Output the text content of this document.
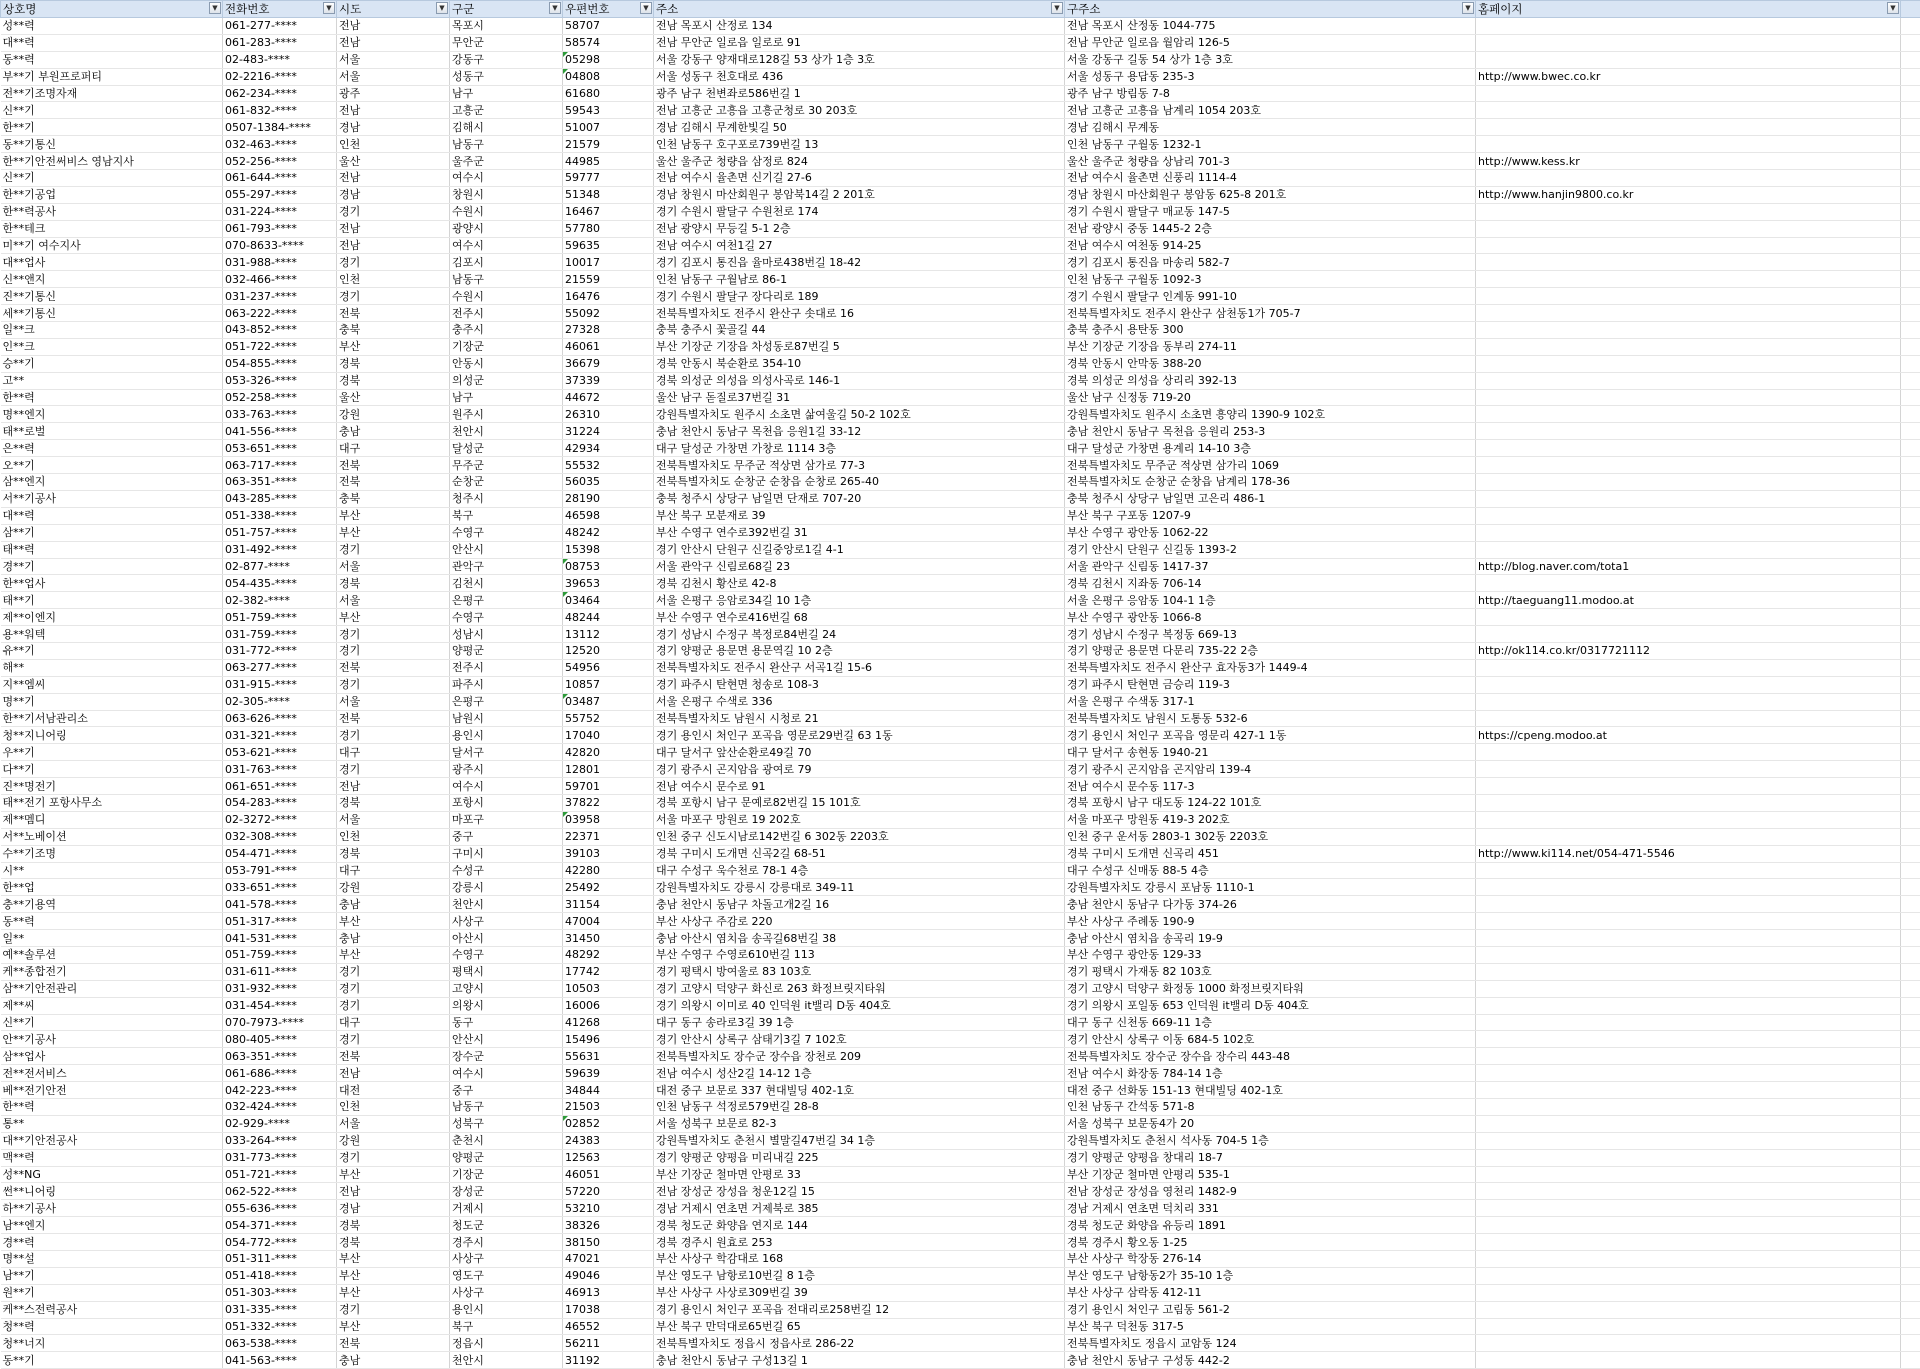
상호명 ▼	전화번호 ▼	시도 ▼	구군 ▼	우편번호 ▼	주소 ▼	구주소 ▼	홈페이지 ▼	

성**력	061-277-****	전남	목포시	58707	전남 목포시 산정로 134	전남 목포시 산정동 1044-775		
대**력	061-283-****	전남	무안군	58574	전남 무안군 일로읍 일로로 91	전남 무안군 일로읍 월암리 126-5		
동**력	02-483-****	서울	강동구	05298	서울 강동구 양재대로128길 53 상가 1층 3호	서울 강동구 길동 54 상가 1층 3호		
부**기 부원프로퍼티	02-2216-****	서울	성동구	04808	서울 성동구 천호대로 436	서울 성동구 용답동 235-3	http://www.bwec.co.kr	
전**기조명자재	062-234-****	광주	남구	61680	광주 남구 천변좌로586번길 1	광주 남구 방림동 7-8		
신**기	061-832-****	전남	고흥군	59543	전남 고흥군 고흥읍 고흥군청로 30 203호	전남 고흥군 고흥읍 남계리 1054 203호		
한**기	0507-1384-****	경남	김해시	51007	경남 김해시 무계한빛길 50	경남 김해시 무계동		
동**기통신	032-463-****	인천	남동구	21579	인천 남동구 호구포로739번길 13	인천 남동구 구월동 1232-1		
한**기안전써비스 영남지사	052-256-****	울산	울주군	44985	울산 울주군 청량읍 삼정로 824	울산 울주군 청량읍 상남리 701-3	http://www.kess.kr	
신**기	061-644-****	전남	여수시	59777	전남 여수시 율촌면 신기길 27-6	전남 여수시 율촌면 신풍리 1114-4		
한**기공업	055-297-****	경남	창원시	51348	경남 창원시 마산회원구 봉암북14길 2 201호	경남 창원시 마산회원구 봉암동 625-8 201호	http://www.hanjin9800.co.kr	
한**력공사	031-224-****	경기	수원시	16467	경기 수원시 팔달구 수원천로 174	경기 수원시 팔달구 매교동 147-5		
한**테크	061-793-****	전남	광양시	57780	전남 광양시 무등길 5-1 2층	전남 광양시 중동 1445-2 2층		
미**기 여수지사	070-8633-****	전남	여수시	59635	전남 여수시 여천1길 27	전남 여수시 여천동 914-25		
대**업사	031-988-****	경기	김포시	10017	경기 김포시 통진읍 율마로438번길 18-42	경기 김포시 통진읍 마송리 582-7		
신**앤지	032-466-****	인천	남동구	21559	인천 남동구 구월남로 86-1	인천 남동구 구월동 1092-3		
진**기통신	031-237-****	경기	수원시	16476	경기 수원시 팔달구 장다리로 189	경기 수원시 팔달구 인계동 991-10		
세**기통신	063-222-****	전북	전주시	55092	전북특별자치도 전주시 완산구 솟대로 16	전북특별자치도 전주시 완산구 삼천동1가 705-7		
일**크	043-852-****	충북	충주시	27328	충북 충주시 꽃골길 44	충북 충주시 용탄동 300		
인**크	051-722-****	부산	기장군	46061	부산 기장군 기장읍 차성동로87번길 5	부산 기장군 기장읍 동부리 274-11		
승**기	054-855-****	경북	안동시	36679	경북 안동시 북순환로 354-10	경북 안동시 안막동 388-20		
고**	053-326-****	경북	의성군	37339	경북 의성군 의성읍 의성사곡로 146-1	경북 의성군 의성읍 상리리 392-13		
한**력	052-258-****	울산	남구	44672	울산 남구 돋질로37번길 31	울산 남구 신정동 719-20		
명**엔지	033-763-****	강원	원주시	26310	강원특별자치도 원주시 소초면 삶여울길 50-2 102호	강원특별자치도 원주시 소초면 흥양리 1390-9 102호		
태**로벌	041-556-****	충남	천안시	31224	충남 천안시 동남구 목천읍 응원1길 33-12	충남 천안시 동남구 목천읍 응원리 253-3		
은**력	053-651-****	대구	달성군	42934	대구 달성군 가창면 가창로 1114 3층	대구 달성군 가창면 용계리 14-10 3층		
오**기	063-717-****	전북	무주군	55532	전북특별자치도 무주군 적상면 삼가로 77-3	전북특별자치도 무주군 적상면 삼가리 1069		
삼**엔지	063-351-****	전북	순창군	56035	전북특별자치도 순창군 순창읍 순창로 265-40	전북특별자치도 순창군 순창읍 남계리 178-36		
서**기공사	043-285-****	충북	청주시	28190	충북 청주시 상당구 남일면 단재로 707-20	충북 청주시 상당구 남일면 고은리 486-1		
대**력	051-338-****	부산	북구	46598	부산 북구 모분재로 39	부산 북구 구포동 1207-9		
삼**기	051-757-****	부산	수영구	48242	부산 수영구 연수로392번길 31	부산 수영구 광안동 1062-22		
태**력	031-492-****	경기	안산시	15398	경기 안산시 단원구 신길중앙로1길 4-1	경기 안산시 단원구 신길동 1393-2		
경**기	02-877-****	서울	관악구	08753	서울 관악구 신림로68길 23	서울 관악구 신림동 1417-37	http://blog.naver.com/tota1	
한**업사	054-435-****	경북	김천시	39653	경북 김천시 황산로 42-8	경북 김천시 지좌동 706-14		
태**기	02-382-****	서울	은평구	03464	서울 은평구 응암로34길 10 1층	서울 은평구 응암동 104-1 1층	http://taeguang11.modoo.at	
제**이엔지	051-759-****	부산	수영구	48244	부산 수영구 연수로416번길 68	부산 수영구 광안동 1066-8		
용**워텍	031-759-****	경기	성남시	13112	경기 성남시 수정구 복정로84번길 24	경기 성남시 수정구 복정동 669-13		
유**기	031-772-****	경기	양평군	12520	경기 양평군 용문면 용문역길 10 2층	경기 양평군 용문면 다문리 735-22 2층	http://ok114.co.kr/0317721112	
해**	063-277-****	전북	전주시	54956	전북특별자치도 전주시 완산구 서곡1길 15-6	전북특별자치도 전주시 완산구 효자동3가 1449-4		
지**엠씨	031-915-****	경기	파주시	10857	경기 파주시 탄현면 청송로 108-3	경기 파주시 탄현면 금승리 119-3		
명**기	02-305-****	서울	은평구	03487	서울 은평구 수색로 336	서울 은평구 수색동 317-1		
한**기서남관리소	063-626-****	전북	남원시	55752	전북특별자치도 남원시 시청로 21	전북특별자치도 남원시 도통동 532-6		
청**지니어링	031-321-****	경기	용인시	17040	경기 용인시 처인구 포곡읍 영문로29번길 63 1동	경기 용인시 처인구 포곡읍 영문리 427-1 1동	https://cpeng.modoo.at	
우**기	053-621-****	대구	달서구	42820	대구 달서구 앞산순환로49길 70	대구 달서구 송현동 1940-21		
다**기	031-763-****	경기	광주시	12801	경기 광주시 곤지암읍 광여로 79	경기 광주시 곤지암읍 곤지암리 139-4		
진**명전기	061-651-****	전남	여수시	59701	전남 여수시 문수로 91	전남 여수시 문수동 117-3		
태**전기 포항사무소	054-283-****	경북	포항시	37822	경북 포항시 남구 문예로82번길 15 101호	경북 포항시 남구 대도동 124-22 101호		
제**멤디	02-3272-****	서울	마포구	03958	서울 마포구 망원로 19 202호	서울 마포구 망원동 419-3 202호		
서**노베이션	032-308-****	인천	중구	22371	인천 중구 신도시남로142번길 6 302동 2203호	인천 중구 운서동 2803-1 302동 2203호		
수**기조명	054-471-****	경북	구미시	39103	경북 구미시 도개면 신곡2길 68-51	경북 구미시 도개면 신곡리 451	http://www.ki114.net/054-471-5546	
시**	053-791-****	대구	수성구	42280	대구 수성구 욱수천로 78-1 4층	대구 수성구 신매동 88-5 4층		
한**업	033-651-****	강원	강릉시	25492	강원특별자치도 강릉시 강릉대로 349-11	강원특별자치도 강릉시 포남동 1110-1		
충**기용역	041-578-****	충남	천안시	31154	충남 천안시 동남구 차돌고개2길 16	충남 천안시 동남구 다가동 374-26		
동**력	051-317-****	부산	사상구	47004	부산 사상구 주감로 220	부산 사상구 주례동 190-9		
일**	041-531-****	충남	아산시	31450	충남 아산시 염치읍 송곡길68번길 38	충남 아산시 염치읍 송곡리 19-9		
예**솔루션	051-759-****	부산	수영구	48292	부산 수영구 수영로610번길 113	부산 수영구 광안동 129-33		
케**종합전기	031-611-****	경기	평택시	17742	경기 평택시 방여울로 83 103호	경기 평택시 가재동 82 103호		
삼**기안전관리	031-932-****	경기	고양시	10503	경기 고양시 덕양구 화신로 263 화정브릿지타워	경기 고양시 덕양구 화정동 1000 화정브릿지타워		
제**씨	031-454-****	경기	의왕시	16006	경기 의왕시 이미로 40 인덕원 it밸리 D동 404호	경기 의왕시 포일동 653 인덕원 it밸리 D동 404호		
신**기	070-7973-****	대구	동구	41268	대구 동구 송라로3길 39 1층	대구 동구 신천동 669-11 1층		
안**기공사	080-405-****	경기	안산시	15496	경기 안산시 상록구 삼태기3길 7 102호	경기 안산시 상록구 이동 684-5 102호		
삼**업사	063-351-****	전북	장수군	55631	전북특별자치도 장수군 장수읍 장천로 209	전북특별자치도 장수군 장수읍 장수리 443-48		
전**전서비스	061-686-****	전남	여수시	59639	전남 여수시 성산2길 14-12 1층	전남 여수시 화장동 784-14 1층		
베**전기안전	042-223-****	대전	중구	34844	대전 중구 보문로 337 현대빌딩 402-1호	대전 중구 선화동 151-13 현대빌딩 402-1호		
한**력	032-424-****	인천	남동구	21503	인천 남동구 석정로579번길 28-8	인천 남동구 간석동 571-8		
통**	02-929-****	서울	성북구	02852	서울 성북구 보문로 82-3	서울 성북구 보문동4가 20		
대**기안전공사	033-264-****	강원	춘천시	24383	강원특별자치도 춘천시 별말길47번길 34 1층	강원특별자치도 춘천시 석사동 704-5 1층		
맥**력	031-773-****	경기	양평군	12563	경기 양평군 양평읍 미리내길 225	경기 양평군 양평읍 창대리 18-7		
성**NG	051-721-****	부산	기장군	46051	부산 기장군 철마면 안평로 33	부산 기장군 철마면 안평리 535-1		
썬**니어링	062-522-****	전남	장성군	57220	전남 장성군 장성읍 청운12길 15	전남 장성군 장성읍 영천리 1482-9		
하**기공사	055-636-****	경남	거제시	53210	경남 거제시 연초면 거제북로 385	경남 거제시 연초면 덕치리 331		
남**엔지	054-371-****	경북	청도군	38326	경북 청도군 화양읍 연지로 144	경북 청도군 화양읍 유등리 1891		
경**력	054-772-****	경북	경주시	38150	경북 경주시 원효로 253	경북 경주시 황오동 1-25		
명**설	051-311-****	부산	사상구	47021	부산 사상구 학감대로 168	부산 사상구 학장동 276-14		
남**기	051-418-****	부산	영도구	49046	부산 영도구 남항로10번길 8 1층	부산 영도구 남항동2가 35-10 1층		
원**기	051-303-****	부산	사상구	46913	부산 사상구 사상로309번길 39	부산 사상구 삼락동 412-11		
케**스전력공사	031-335-****	경기	용인시	17038	경기 용인시 처인구 포곡읍 전대리로258번길 12	경기 용인시 처인구 고림동 561-2		
청**력	051-332-****	부산	북구	46552	부산 북구 만덕대로65번길 65	부산 북구 덕천동 317-5		
청**너지	063-538-****	전북	정읍시	56211	전북특별자치도 정읍시 정읍사로 286-22	전북특별자치도 정읍시 교암동 124		
동**기	041-563-****	충남	천안시	31192	충남 천안시 동남구 구성13길 1	충남 천안시 동남구 구성동 442-2		
